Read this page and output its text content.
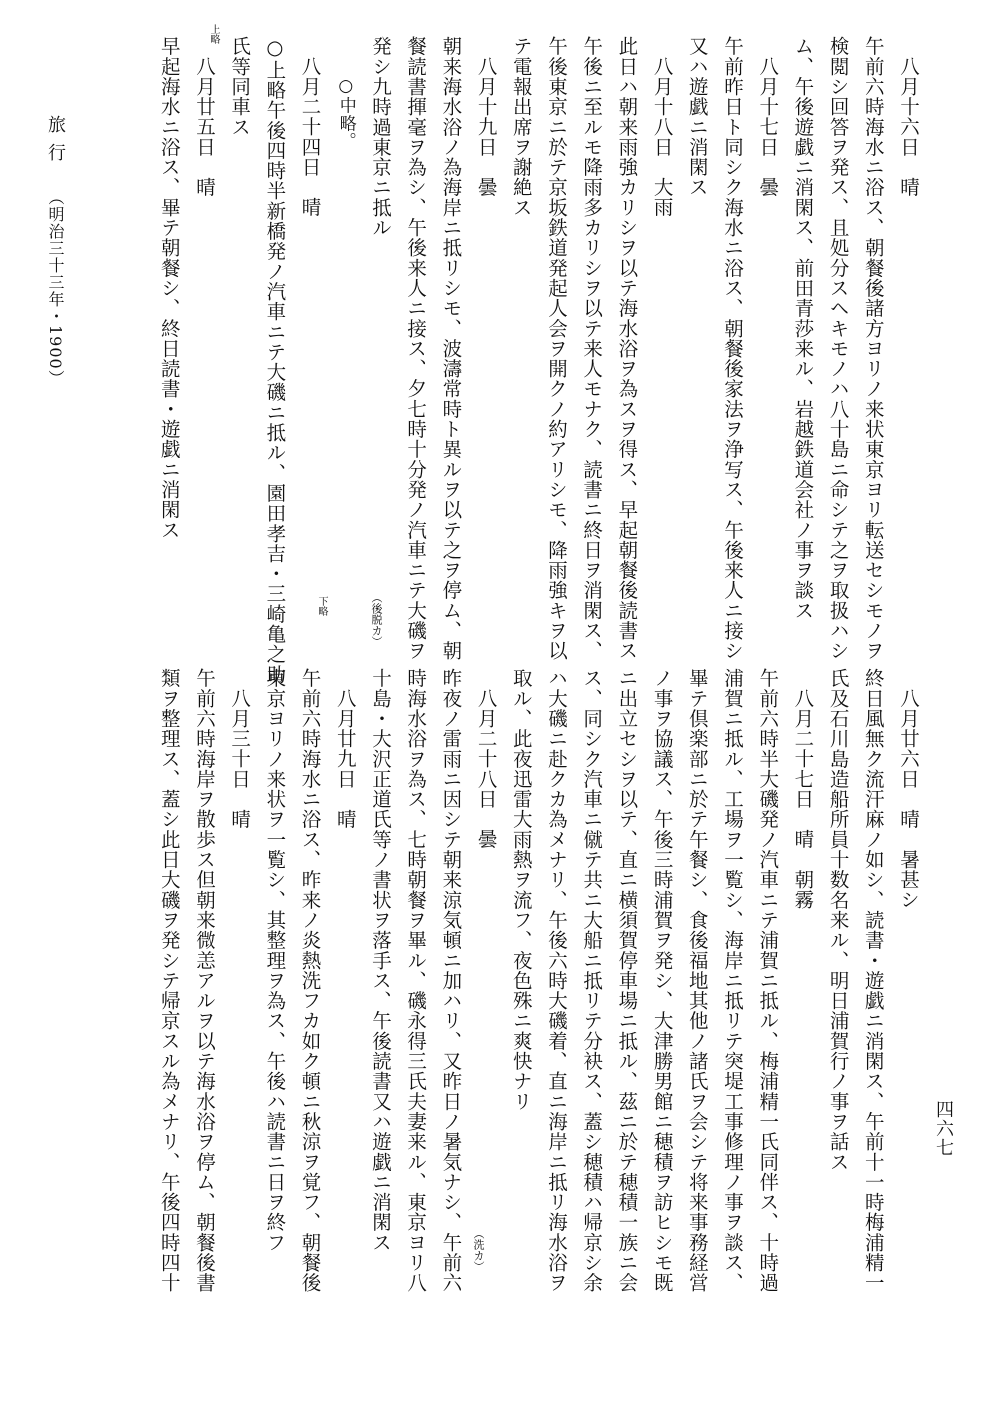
八月十六日　晴
午前六時海水ニ浴ス、朝餐後諸方ヨリノ来状東京ヨリ転送セシモノヲ
検閲シ回答ヲ発ス、且処分スヘキモノハ八十島ニ命シテ之ヲ取扱ハシ
ム、午後遊戯ニ消閑ス、前田青莎来ル、岩越鉄道会社ノ事ヲ談ス
八月十七日　曇
午前昨日ト同シク海水ニ浴ス、朝餐後家法ヲ浄写ス、午後来人ニ接シ
又ハ遊戯ニ消閑ス
八月十八日　大雨
此日ハ朝来雨強カリシヲ以テ海水浴ヲ為スヲ得ス、早起朝餐後読書ス
午後ニ至ルモ降雨多カリシヲ以テ来人モナク、読書ニ終日ヲ消閑ス、
午後東京ニ於テ京坂鉄道発起人会ヲ開クノ約アリシモ、降雨強キヲ以
テ電報出席ヲ謝絶ス
八月十九日　曇
朝来海水浴ノ為海岸ニ抵リシモ、波濤常時ト異ルヲ以テ之ヲ停ム、朝
餐読書揮毫ヲ為シ、午後来人ニ接ス、夕七時十分発ノ汽車ニテ大磯ヲ
発シ九時過東京ニ抵ル
○中略。
八月二十四日　晴
○上略午後四時半新橋発ノ汽車ニテ大磯ニ抵ル、園田孝吉・三崎亀之助
氏等同車ス
八月廿五日　晴
早起海水ニ浴ス、畢テ朝餐シ、終日読書・遊戯ニ消閑ス
八月廿六日　晴　暑甚シ
終日風無ク流汗麻ノ如シ、読書・遊戯ニ消閑ス、午前十一時梅浦精一
氏及石川島造船所員十数名来ル、明日浦賀行ノ事ヲ話ス
八月二十七日　晴　朝霧
午前六時半大磯発ノ汽車ニテ浦賀ニ抵ル、梅浦精一氏同伴ス、十時過
浦賀ニ抵ル、工場ヲ一覧シ、海岸ニ抵リテ突堤工事修理ノ事ヲ談ス、
畢テ倶楽部ニ於テ午餐シ、食後福地其他ノ諸氏ヲ会シテ将来事務経営
ノ事ヲ協議ス、午後三時浦賀ヲ発シ、大津勝男館ニ穂積ヲ訪ヒシモ既
ニ出立セシヲ以テ、直ニ横須賀停車場ニ抵ル、茲ニ於テ穂積一族ニ会
ス、同シク汽車ニ僦テ共ニ大船ニ抵リテ分袂ス、蓋シ穂積ハ帰京シ余
ハ大磯ニ赴クカ為メナリ、午後六時大磯着、直ニ海岸ニ抵リ海水浴ヲ
取ル、此夜迅雷大雨熱ヲ流フ、夜色殊ニ爽快ナリ
八月二十八日　曇
昨夜ノ雷雨ニ因シテ朝来涼気頓ニ加ハリ、又昨日ノ暑気ナシ、午前六
時海水浴ヲ為ス、七時朝餐ヲ畢ル、磯永得三氏夫妻来ル、東京ヨリ八
十島・大沢正道氏等ノ書状ヲ落手ス、午後読書又ハ遊戯ニ消閑ス
八月廿九日　晴
午前六時海水ニ浴ス、昨来ノ炎熱洗フカ如ク頓ニ秋涼ヲ覚フ、朝餐後
東京ヨリノ来状ヲ一覧シ、其整理ヲ為ス、午後ハ読書ニ日ヲ終フ
八月三十日　晴
午前六時海岸ヲ散歩ス但朝来微恙アルヲ以テ海水浴ヲ停ム、朝餐後書
類ヲ整理ス、蓋シ此日大磯ヲ発シテ帰京スル為メナリ、午後四時四十
（後脱カ）
下略
上略
（洗カ）
旅行（明治三十三年・1900）
四六七
